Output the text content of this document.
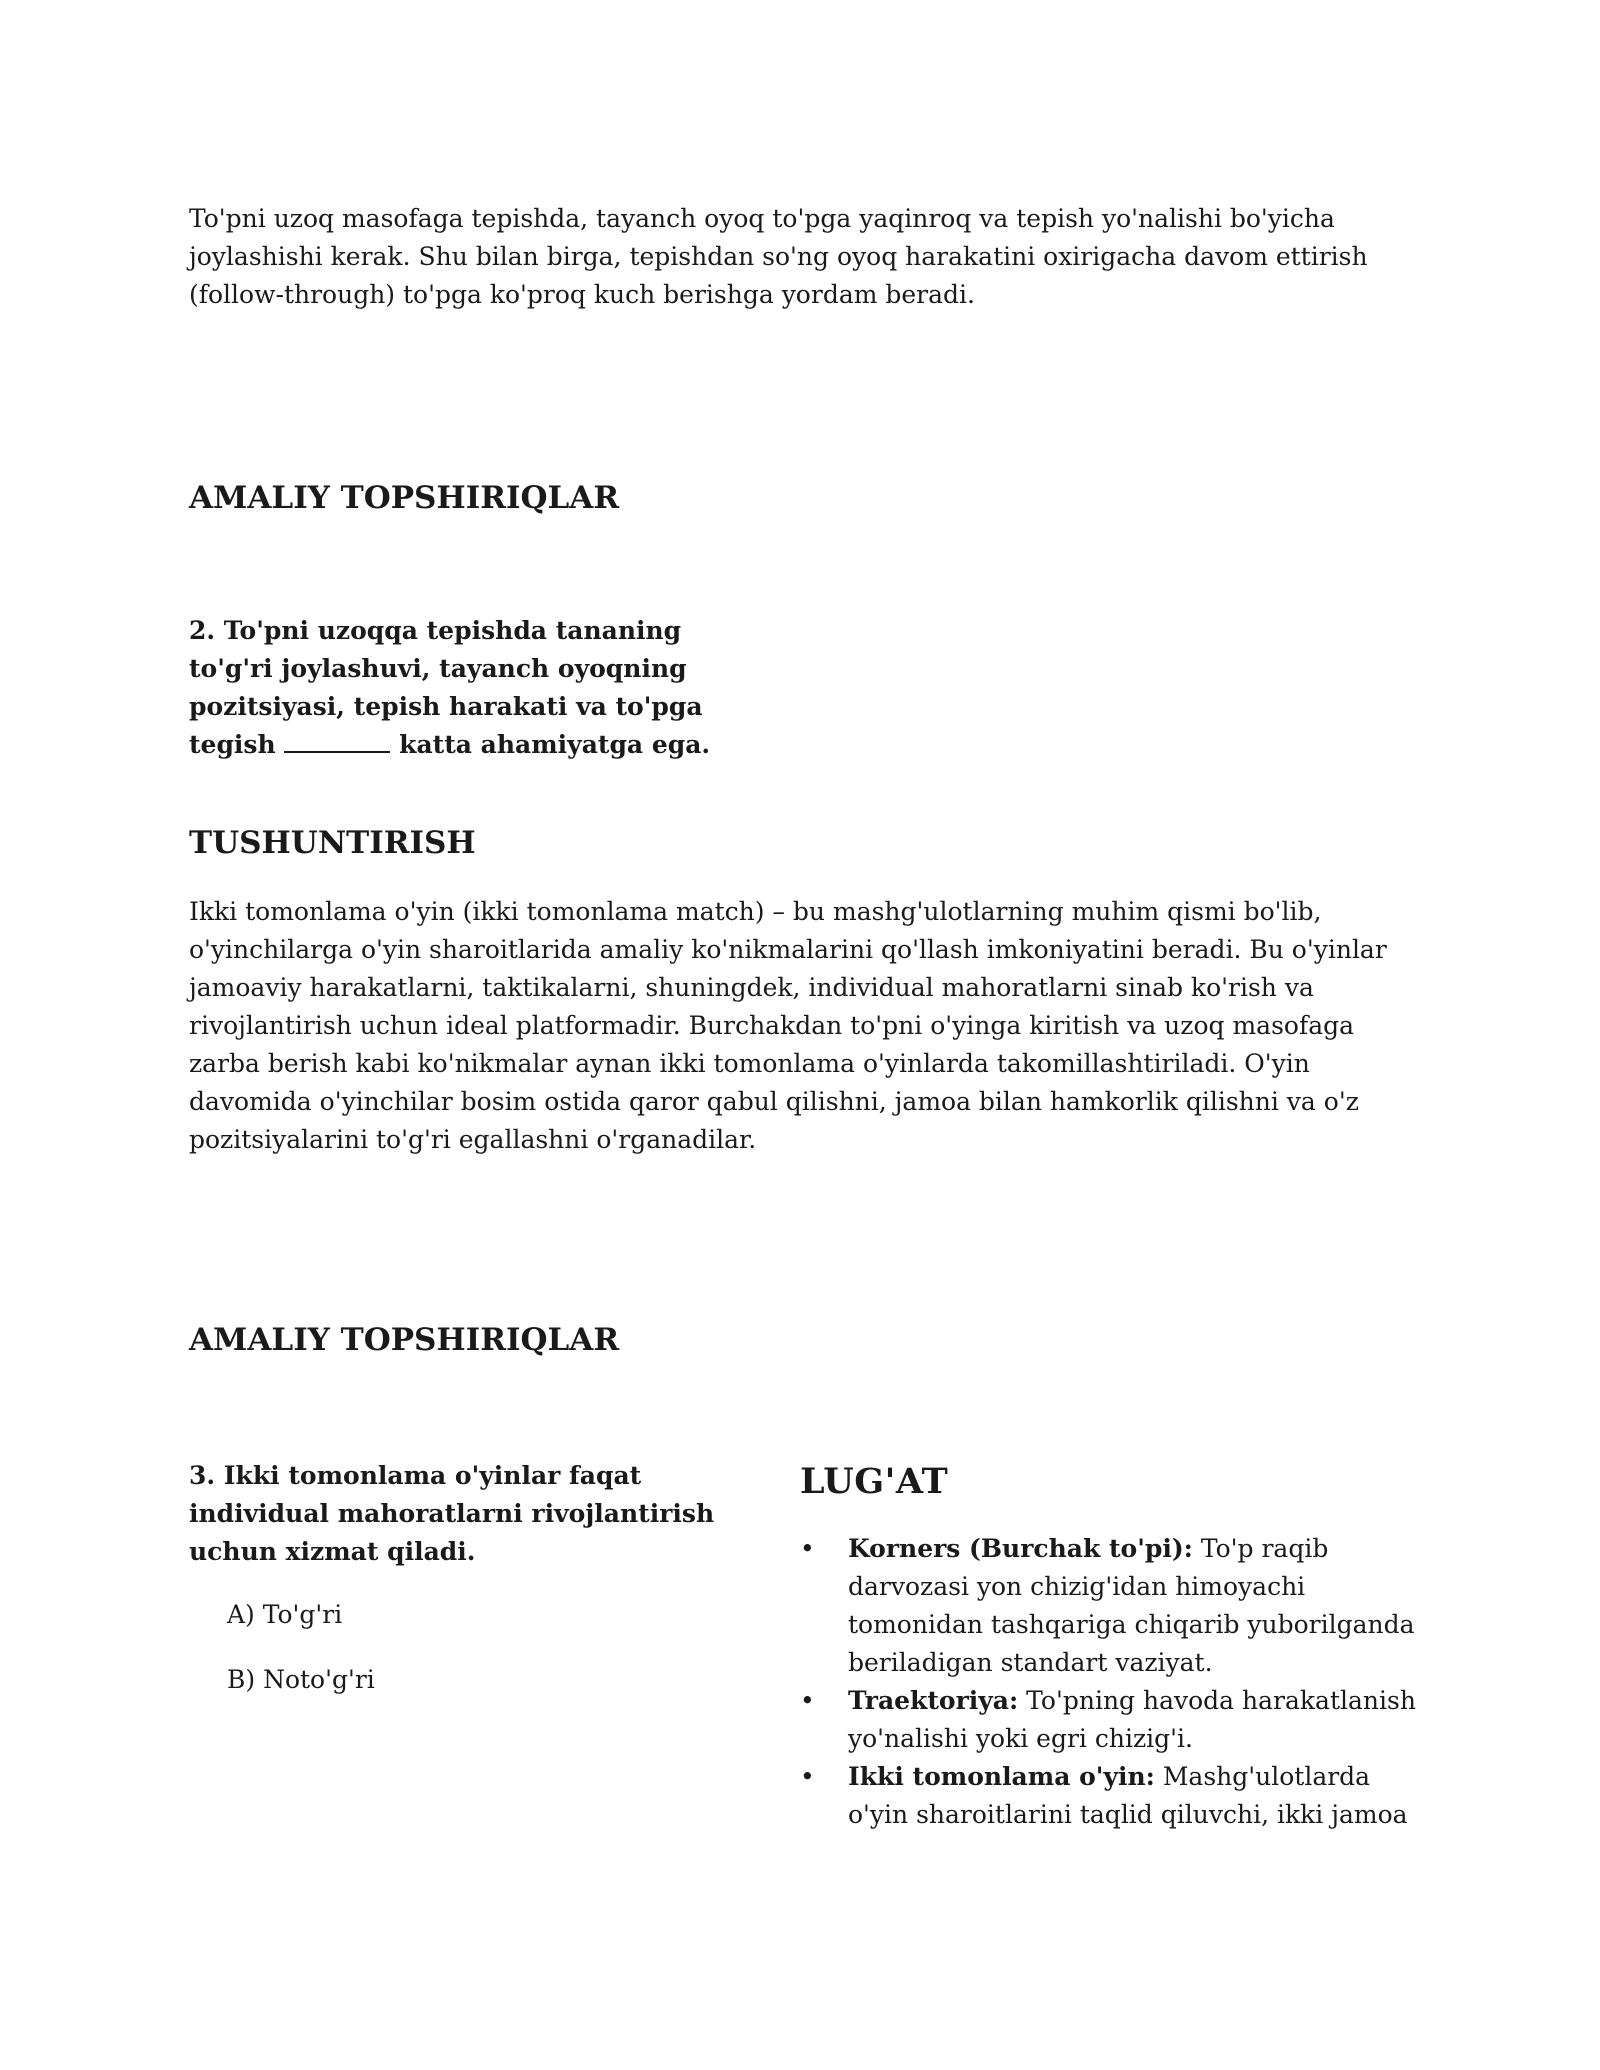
To'pni uzoq masofaga tepishda, tayanch oyoq to'pga yaqinroq va tepish yo'nalishi bo'yicha joylashishi kerak. Shu bilan birga, tepishdan so'ng oyoq harakatini oxirigacha davom ettirish (follow-through) to'pga ko'proq kuch berishga yordam beradi.

AMALIY TOPSHIRIQLAR

2. To'pni uzoqqa tepishda tananing to'g'ri joylashuvi, tayanch oyoqning pozitsiyasi, tepish harakati va to'pga tegish	katta ahamiyatga ega.

TUSHUNTIRISH

Ikki tomonlama o'yin (ikki tomonlama match) – bu mashg'ulotlarning muhim qismi bo'lib, o'yinchilarga o'yin sharoitlarida amaliy ko'nikmalarini qo'llash imkoniyatini beradi. Bu o'yinlar jamoaviy harakatlarni, taktikalarni, shuningdek, individual mahoratlarni sinab ko'rish va rivojlantirish uchun ideal platformadir. Burchakdan to'pni o'yinga kiritish va uzoq masofaga zarba berish kabi ko'nikmalar aynan ikki tomonlama o'yinlarda takomillashtiriladi. O'yin davomida o'yinchilar bosim ostida qaror qabul qilishni, jamoa bilan hamkorlik qilishni va o'z pozitsiyalarini to'g'ri egallashni o'rganadilar.

AMALIY TOPSHIRIQLAR

3. Ikki tomonlama o'yinlar faqat individual mahoratlarni rivojlantirish uchun xizmat qiladi.

A) To'g'ri

B) Noto'g'ri

LUG'AT
• Korners (Burchak to'pi): To'p raqib darvozasi yon chizig'idan himoyachi tomonidan tashqariga chiqarib yuborilganda beriladigan standart vaziyat.
• Traektoriya: To'pning havoda harakatlanish yo'nalishi yoki egri chizig'i.
• Ikki tomonlama o'yin: Mashg'ulotlarda o'yin sharoitlarini taqlid qiluvchi, ikki jamoa
